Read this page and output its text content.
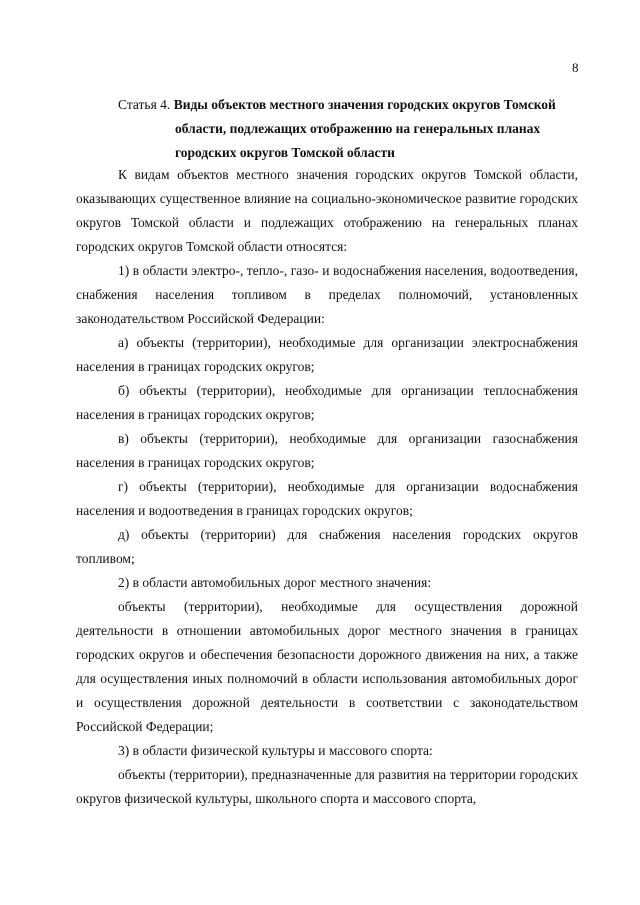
8
Статья 4. Виды объектов местного значения городских округов Томской
области, подлежащих отображению на генеральных планах
городских округов Томской области

К видам объектов местного значения городских округов Томской области, оказывающих существенное влияние на социально-экономическое развитие городских округов Томской области и подлежащих отображению на генеральных планах городских округов Томской области относятся:

1) в области электро-, тепло-, газо- и водоснабжения населения, водоотведения, снабжения населения топливом в пределах полномочий, установленных законодательством Российской Федерации:

а) объекты (территории), необходимые для организации электроснабжения населения в границах городских округов;

б) объекты (территории), необходимые для организации теплоснабжения населения в границах городских округов;

в) объекты (территории), необходимые для организации газоснабжения населения в границах городских округов;

г) объекты (территории), необходимые для организации водоснабжения населения и водоотведения в границах городских округов;

д) объекты (территории) для снабжения населения городских округов топливом;

2) в области автомобильных дорог местного значения:

объекты (территории), необходимые для осуществления дорожной деятельности в отношении автомобильных дорог местного значения в границах городских округов и обеспечения безопасности дорожного движения на них, а также для осуществления иных полномочий в области использования автомобильных дорог и осуществления дорожной деятельности в соответствии с законодательством Российской Федерации;

3) в области физической культуры и массового спорта:

объекты (территории), предназначенные для развития на территории городских округов физической культуры, школьного спорта и массового спорта,
